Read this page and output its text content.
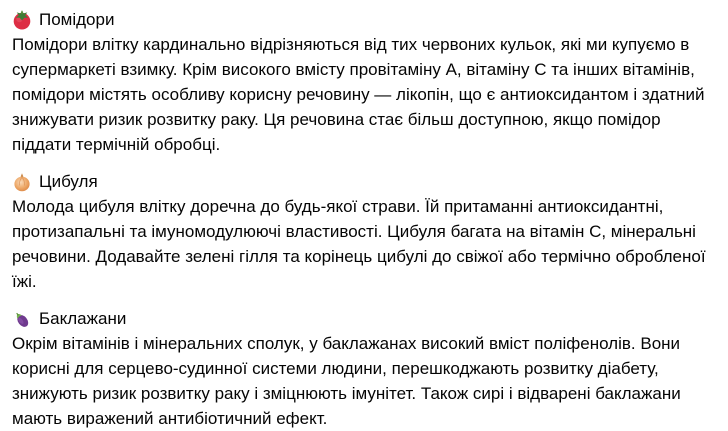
Помідори

Помідори влітку кардинально відрізняються від тих червоних кульок, які ми купуємо в супермаркеті взимку. Крім високого вмісту провітаміну А, вітаміну С та інших вітамінів, помідори містять особливу корисну речовину — лікопін, що є антиоксидантом і здатний знижувати ризик розвитку раку. Ця речовина стає більш доступною, якщо помідор піддати термічній обробці.

Цибуля

Молода цибуля влітку доречна до будь-якої страви. Їй притаманні антиоксидантні, протизапальні та імуномодулюючі властивості. Цибуля багата на вітамін С, мінеральні речовини. Додавайте зелені гілля та корінець цибулі до свіжої або термічно обробленої їжі.

Баклажани

Окрім вітамінів і мінеральних сполук, у баклажанах високий вміст поліфенолів. Вони корисні для серцево-судинної системи людини, перешкоджають розвитку діабету, знижують ризик розвитку раку і зміцнюють імунітет. Також сирі і відварені баклажани мають виражений антибіотичний ефект.
